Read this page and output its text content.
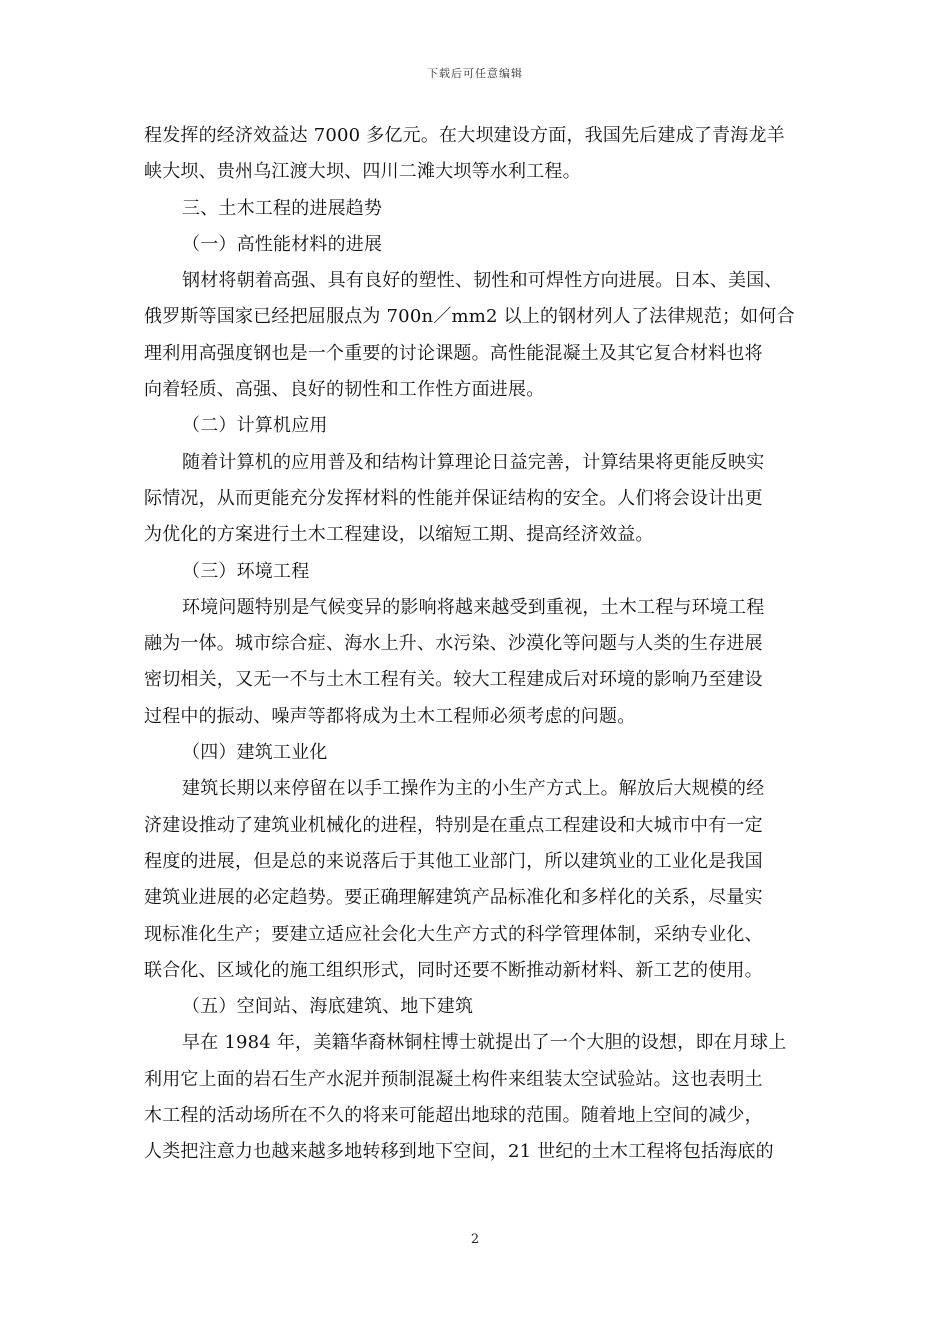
下载后可任意编辑
程发挥的经济效益达 7000 多亿元。在大坝建设方面，我国先后建成了青海龙羊
峡大坝、贵州乌江渡大坝、四川二滩大坝等水利工程。
三、土木工程的进展趋势
（一）高性能材料的进展
钢材将朝着高强、具有良好的塑性、韧性和可焊性方向进展。日本、美国、
俄罗斯等国家已经把屈服点为 700n／mm2 以上的钢材列人了法律规范；如何合
理利用高强度钢也是一个重要的讨论课题。高性能混凝土及其它复合材料也将
向着轻质、高强、良好的韧性和工作性方面进展。
（二）计算机应用
随着计算机的应用普及和结构计算理论日益完善，计算结果将更能反映实
际情况，从而更能充分发挥材料的性能并保证结构的安全。人们将会设计出更
为优化的方案进行土木工程建设，以缩短工期、提高经济效益。
（三）环境工程
环境问题特别是气候变异的影响将越来越受到重视，土木工程与环境工程
融为一体。城市综合症、海水上升、水污染、沙漠化等问题与人类的生存进展
密切相关，又无一不与土木工程有关。较大工程建成后对环境的影响乃至建设
过程中的振动、噪声等都将成为土木工程师必须考虑的问题。
（四）建筑工业化
建筑长期以来停留在以手工操作为主的小生产方式上。解放后大规模的经
济建设推动了建筑业机械化的进程，特别是在重点工程建设和大城市中有一定
程度的进展，但是总的来说落后于其他工业部门，所以建筑业的工业化是我国
建筑业进展的必定趋势。要正确理解建筑产品标准化和多样化的关系，尽量实
现标准化生产；要建立适应社会化大生产方式的科学管理体制，采纳专业化、
联合化、区域化的施工组织形式，同时还要不断推动新材料、新工艺的使用。
（五）空间站、海底建筑、地下建筑
早在 1984 年，美籍华裔林铜柱博士就提出了一个大胆的设想，即在月球上
利用它上面的岩石生产水泥并预制混凝土构件来组装太空试验站。这也表明土
木工程的活动场所在不久的将来可能超出地球的范围。随着地上空间的减少，
人类把注意力也越来越多地转移到地下空间，21 世纪的土木工程将包括海底的
2
